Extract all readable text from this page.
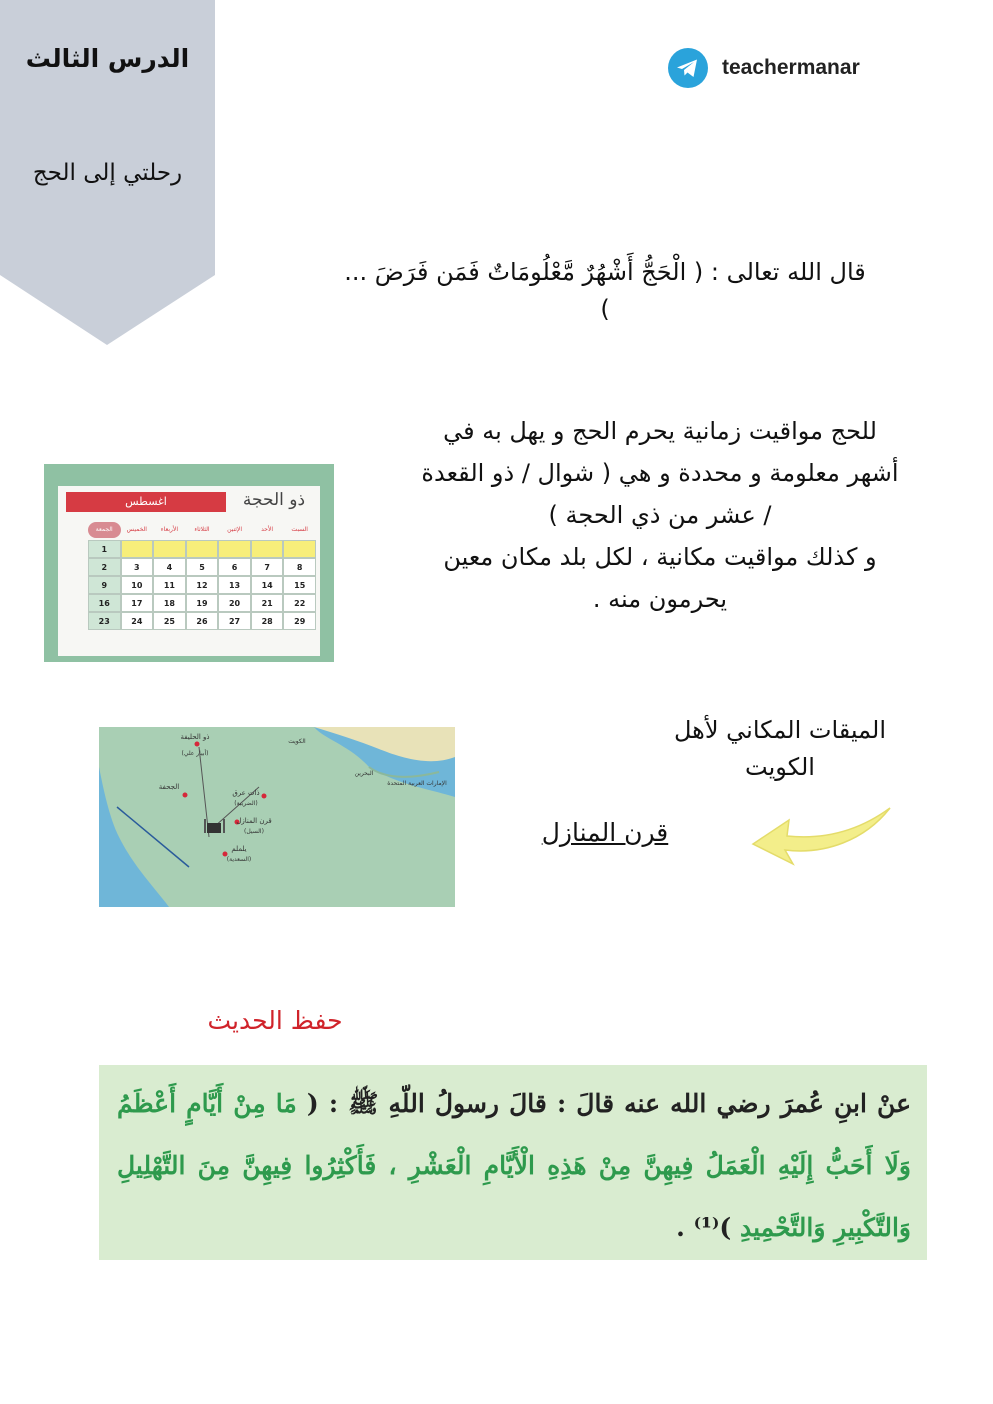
الدرس الثالث
رحلتي إلى الحج
teachermanar
قال الله تعالى : ( الْحَجُّ أَشْهُرٌ مَّعْلُومَاتٌ فَمَن فَرَضَ ... )
للحج مواقيت زمانية يحرم الحج و يهل به في
أشهر معلومة و محددة و هي ( شوال / ذو القعدة
/ عشر من ذي الحجة )
و كذلك مواقيت مكانية ، لكل بلد مكان معين
يحرمون منه .
اغسطس	ذو الحجة
السبت
الأحد
الإثنين
الثلاثاء
الأربعاء
الخميس
الجمعة
1
8
7
6
5
4
3
2
15
14
13
12
11
10
9
22
21
20
19
18
17
16
29
28
27
26
25
24
23
الميقات المكاني لأهل
الكويت
قرن المنازل
ذو الحليفة
(أبيار علي)
الجحفة
ذات عرق
(الضريبة)
قرن المنازل
(السيل)
يلملم
(السعدية)
الكويت
البحرين
الإمارات العربية المتحدة
حفظ الحديث
عنْ ابنِ عُمرَ رضي الله عنه قالَ : قالَ رسولُ اللّهِ ﷺ : ( مَا مِنْ أَيَّامٍ أَعْظَمُ وَلَا أَحَبُّ إِلَيْهِ الْعَمَلُ فِيهِنَّ مِنْ هَذِهِ الْأَيَّامِ الْعَشْرِ ، فَأَكْثِرُوا فِيهِنَّ مِنَ التَّهْلِيلِ وَالتَّكْبِيرِ وَالتَّحْمِيدِ )⁽¹⁾ .
